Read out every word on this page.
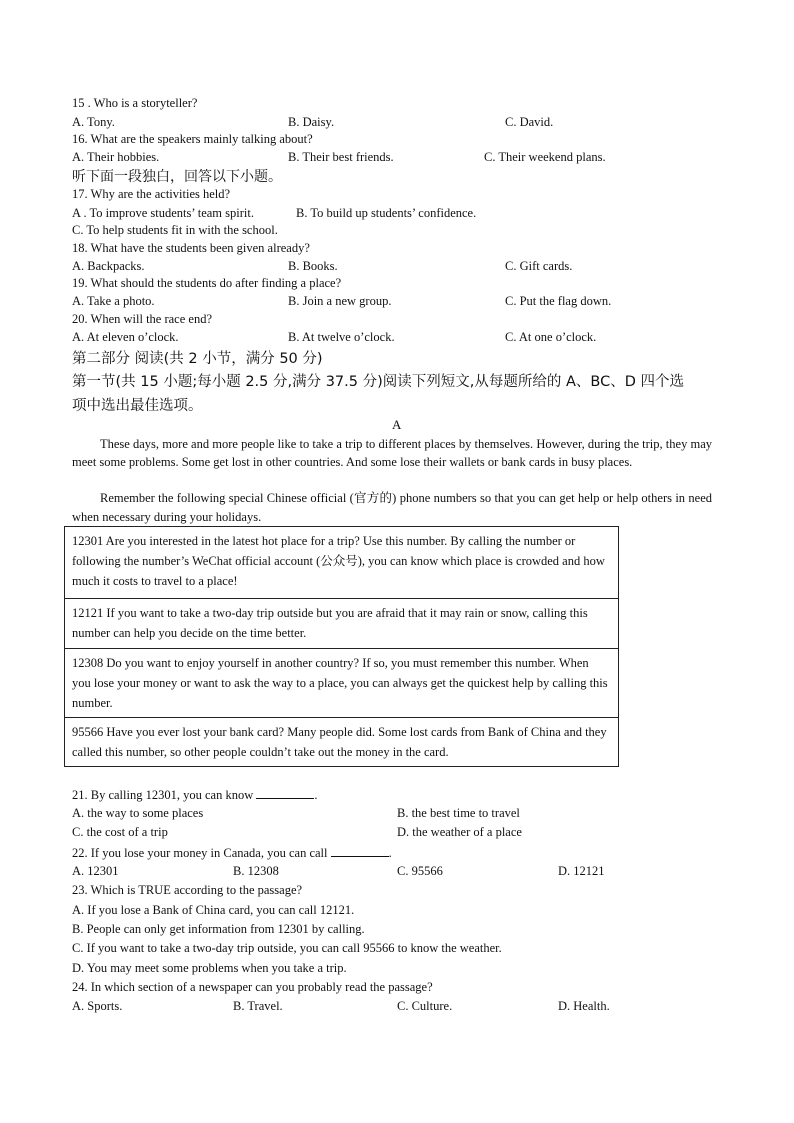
15 . Who is a storyteller?
A. Tony.	B. Daisy.	C. David.
16. What are the speakers mainly talking about?
A. Their hobbies.	B. Their best friends.	C. Their weekend plans.
听下面一段独白，回答以下小题。
17. Why are the activities held?
A . To improve students’ team spirit.	B. To build up students’ confidence.
C. To help students fit in with the school.
18. What have the students been given already?
A. Backpacks.	B. Books.	C. Gift cards.
19. What should the students do after finding a place?
A. Take a photo.	B. Join a new group.	C. Put the flag down.
20. When will the race end?
A. At eleven o’clock.	B. At twelve o’clock.	C. At one o’clock.
第二部分 阅读(共 2 小节，满分 50 分)
第一节(共 15 小题;每小题 2.5 分,满分 37.5 分)阅读下列短文,从每题所给的 A、BC、D 四个选
项中选出最佳选项。
A
These days, more and more people like to take a trip to different places by themselves. However, during the trip, they may meet some problems. Some get lost in other countries. And some lose their wallets or bank cards in busy places.
Remember the following special Chinese official (官方的) phone numbers so that you can get help or help others in need when necessary during your holidays.
12301 Are you interested in the latest hot place for a trip? Use this number. By calling the number or following the number’s WeChat official account (公众号), you can know which place is crowded and how much it costs to travel to a place!
12121 If you want to take a two-day trip outside but you are afraid that it may rain or snow, calling this number can help you decide on the time better.
12308 Do you want to enjoy yourself in another country? If so, you must remember this number. When you lose your money or want to ask the way to a place, you can always get the quickest help by calling this number.
95566 Have you ever lost your bank card? Many people did. Some lost cards from Bank of China and they called this number, so other people couldn’t take out the money in the card.
21. By calling 12301, you can know	.
A. the way to some places	B. the best time to travel
C. the cost of a trip	D. the weather of a place
22. If you lose your money in Canada, you can call	.
A. 12301	B. 12308	C. 95566	D. 12121
23. Which is TRUE according to the passage?
A. If you lose a Bank of China card, you can call 12121.
B. People can only get information from 12301 by calling.
C. If you want to take a two-day trip outside, you can call 95566 to know the weather.
D. You may meet some problems when you take a trip.
24. In which section of a newspaper can you probably read the passage?
A. Sports.	B. Travel.	C. Culture.	D. Health.
